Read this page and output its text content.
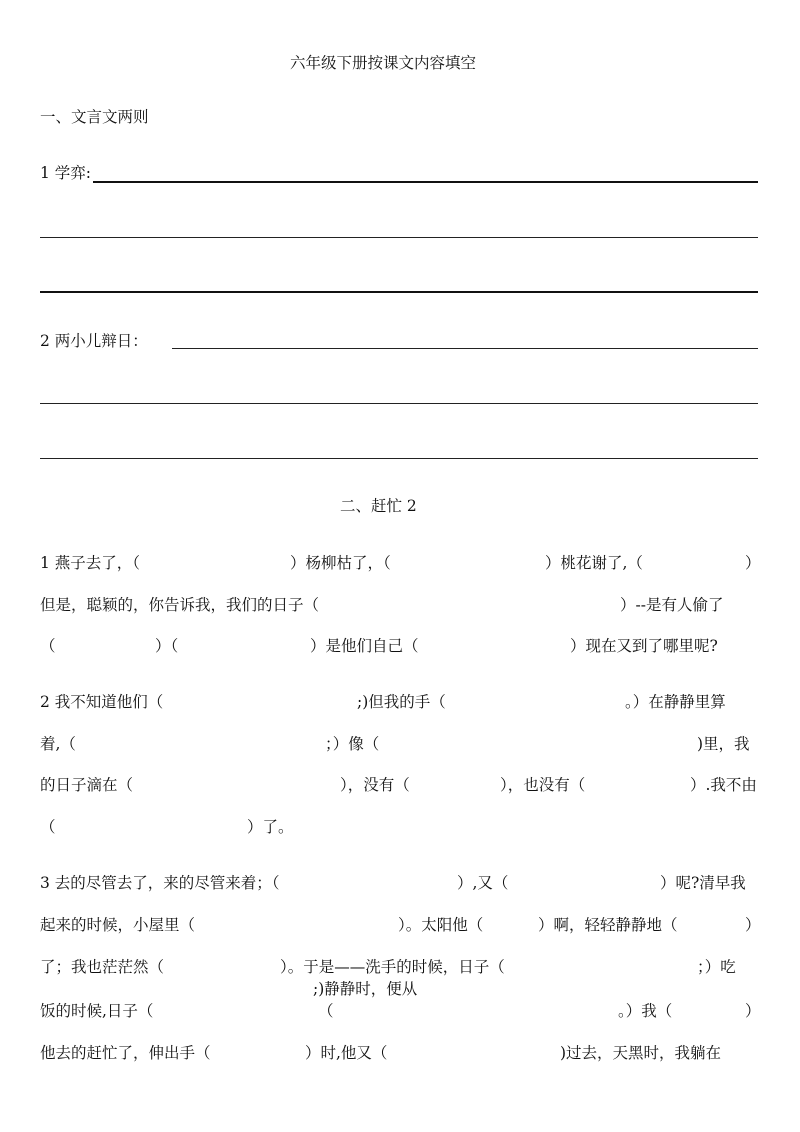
六年级下册按课文内容填空
一、文言文两则
1 学弈:
2 两小儿辩日：
二、赶忙 2
1 燕子去了，（	）杨柳枯了，（	）桃花谢了,（	）
但是，聪颖的，你告诉我，我们的日子（	）--是有人偷了
（	）（	）是他们自己（	）现在又到了哪里呢?
2 我不知道他们（	;)但我的手（	。）在静静里算
着,（	；）像（	)里，我
的日子滴在（	），没有（	），也没有（	）.我不由
（	）了。
3 去的尽管去了，来的尽管来着；（	）,又（	）呢?清早我
起来的时候，小屋里（	）。太阳他（	）啊，轻轻静静地（	）
了；我也茫茫然（	）。于是——洗手的时候，日子（	；）吃
;)静静时，便从
饭的时候,日子（	（	。）我（	）
他去的赶忙了，伸出手（	）时,他又（	)过去，天黑时，我躺在
